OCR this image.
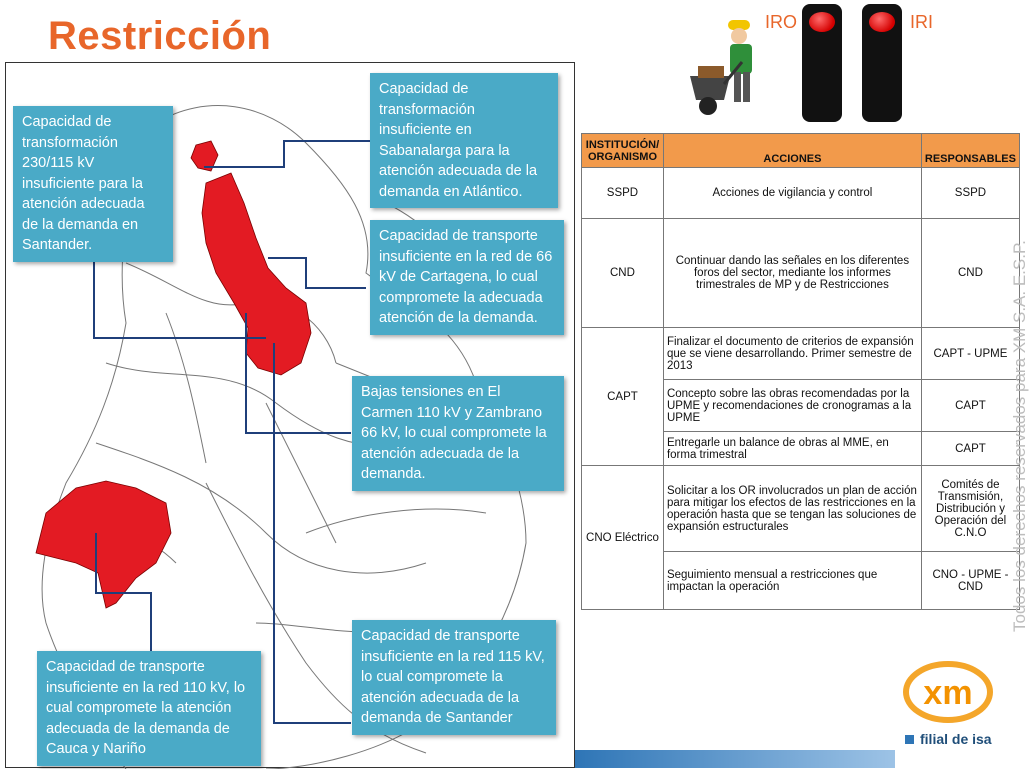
Restricción	IRO	IRI
Capacidad de transformación 230/115 kV insuficiente para la atención adecuada de la demanda en Santander.
Capacidad de transformación insuficiente en Sabanalarga para la atención adecuada de la demanda en Atlántico.
Capacidad de transporte insuficiente en la red de 66 kV de Cartagena, lo cual compromete la adecuada atención de la demanda.
Bajas tensiones en El Carmen 110 kV y Zambrano 66 kV, lo cual compromete la atención adecuada de la demanda.
Capacidad de transporte insuficiente en la red 110 kV, lo cual compromete la atención adecuada de la demanda de Cauca y Nariño
Capacidad de transporte insuficiente en la red 115 kV, lo cual compromete la atención adecuada de la demanda de Santander
INSTITUCIÓN/ ORGANISMO	ACCIONES	RESPONSABLES
SSPD	Acciones de vigilancia y control	SSPD
CND	Continuar dando las señales en los diferentes foros del sector, mediante los informes trimestrales de MP y de Restricciones	CND
CAPT	Finalizar el documento de criterios de expansión que se viene desarrollando. Primer semestre de 2013	CAPT - UPME
	Concepto sobre las obras recomendadas por la UPME y recomendaciones de cronogramas a la UPME	CAPT
	Entregarle un balance de obras al MME, en forma trimestral	CAPT
CNO Eléctrico	Solicitar a los OR involucrados un plan de acción para mitigar los efectos de las restricciones en la operación hasta que se tengan las soluciones de expansión estructurales	Comités de Transmisión, Distribución y Operación del C.N.O
	Seguimiento mensual a restricciones que impactan la operación	CNO - UPME - CND Todos los derechos reservados para XM S.A. E.S.P.
xm
filial de isa
